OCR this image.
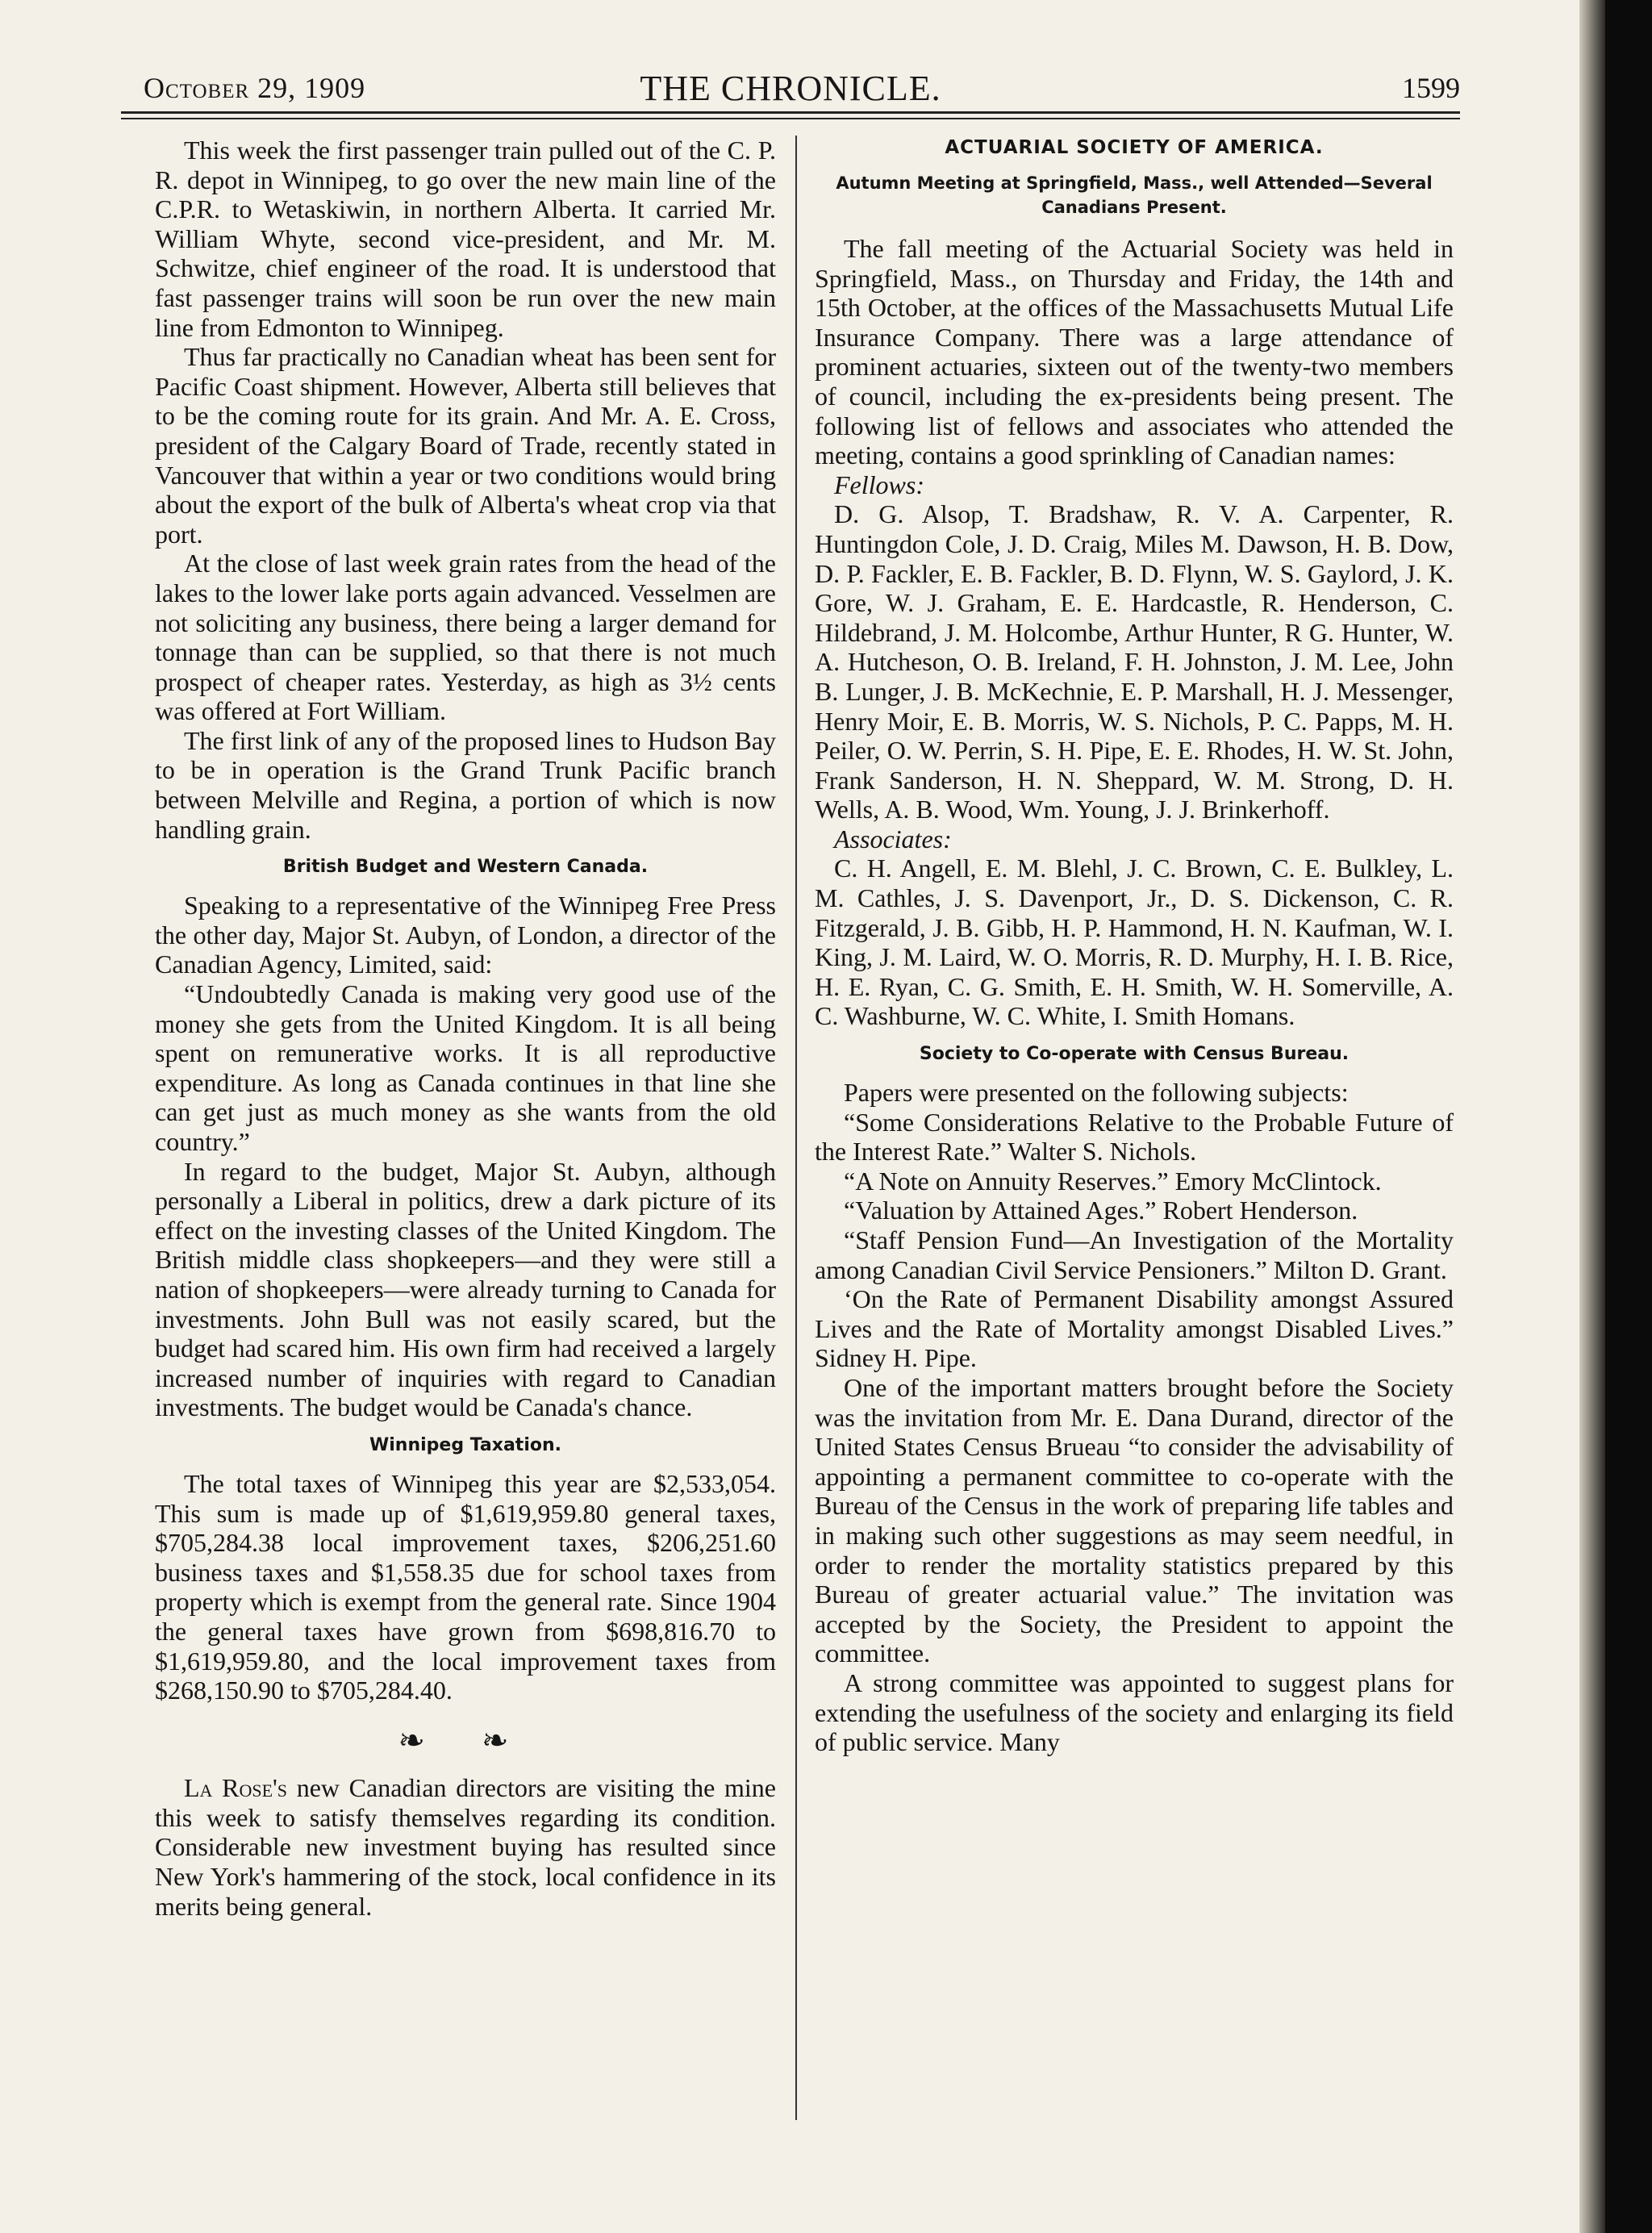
October 29, 1909	THE CHRONICLE.	1599

This week the first passenger train pulled out of the C. P. R. depot in Winnipeg, to go over the new main line of the C.P.R. to Wetaskiwin, in northern Alberta. It carried Mr. William Whyte, second vice-president, and Mr. M. Schwitze, chief engineer of the road. It is understood that fast passenger trains will soon be run over the new main line from Edmonton to Winnipeg.

Thus far practically no Canadian wheat has been sent for Pacific Coast shipment. However, Alberta still believes that to be the coming route for its grain. And Mr. A. E. Cross, president of the Calgary Board of Trade, recently stated in Vancouver that within a year or two conditions would bring about the export of the bulk of Alberta's wheat crop via that port.

At the close of last week grain rates from the head of the lakes to the lower lake ports again advanced. Vesselmen are not soliciting any business, there being a larger demand for tonnage than can be supplied, so that there is not much prospect of cheaper rates. Yesterday, as high as 3½ cents was offered at Fort William.

The first link of any of the proposed lines to Hudson Bay to be in operation is the Grand Trunk Pacific branch between Melville and Regina, a portion of which is now handling grain.

British Budget and Western Canada.

Speaking to a representative of the Winnipeg Free Press the other day, Major St. Aubyn, of London, a director of the Canadian Agency, Limited, said:

“Undoubtedly Canada is making very good use of the money she gets from the United Kingdom. It is all being spent on remunerative works. It is all reproductive expenditure. As long as Canada continues in that line she can get just as much money as she wants from the old country.”

In regard to the budget, Major St. Aubyn, although personally a Liberal in politics, drew a dark picture of its effect on the investing classes of the United Kingdom. The British middle class shopkeepers—and they were still a nation of shopkeepers—were already turning to Canada for investments. John Bull was not easily scared, but the budget had scared him. His own firm had received a largely increased number of inquiries with regard to Canadian investments. The budget would be Canada's chance.

Winnipeg Taxation.

The total taxes of Winnipeg this year are $2,533,054. This sum is made up of $1,619,959.80 general taxes, $705,284.38 local improvement taxes, $206,251.60 business taxes and $1,558.35 due for school taxes from property which is exempt from the general rate. Since 1904 the general taxes have grown from $698,816.70 to $1,619,959.80, and the local improvement taxes from $268,150.90 to $705,284.40.

❧ ❧

La Rose's new Canadian directors are visiting the mine this week to satisfy themselves regarding its condition. Considerable new investment buying has resulted since New York's hammering of the stock, local confidence in its merits being general.

ACTUARIAL SOCIETY OF AMERICA.
Autumn Meeting at Springfield, Mass., well Attended—Several Canadians Present.

The fall meeting of the Actuarial Society was held in Springfield, Mass., on Thursday and Friday, the 14th and 15th October, at the offices of the Massachusetts Mutual Life Insurance Company. There was a large attendance of prominent actuaries, sixteen out of the twenty-two members of council, including the ex-presidents being present. The following list of fellows and associates who attended the meeting, contains a good sprinkling of Canadian names:

Fellows:

D. G. Alsop, T. Bradshaw, R. V. A. Carpenter, R. Huntingdon Cole, J. D. Craig, Miles M. Dawson, H. B. Dow, D. P. Fackler, E. B. Fackler, B. D. Flynn, W. S. Gaylord, J. K. Gore, W. J. Graham, E. E. Hardcastle, R. Henderson, C. Hildebrand, J. M. Holcombe, Arthur Hunter, R G. Hunter, W. A. Hutcheson, O. B. Ireland, F. H. Johnston, J. M. Lee, John B. Lunger, J. B. McKechnie, E. P. Marshall, H. J. Messenger, Henry Moir, E. B. Morris, W. S. Nichols, P. C. Papps, M. H. Peiler, O. W. Perrin, S. H. Pipe, E. E. Rhodes, H. W. St. John, Frank Sanderson, H. N. Sheppard, W. M. Strong, D. H. Wells, A. B. Wood, Wm. Young, J. J. Brinkerhoff.

Associates:

C. H. Angell, E. M. Blehl, J. C. Brown, C. E. Bulkley, L. M. Cathles, J. S. Davenport, Jr., D. S. Dickenson, C. R. Fitzgerald, J. B. Gibb, H. P. Hammond, H. N. Kaufman, W. I. King, J. M. Laird, W. O. Morris, R. D. Murphy, H. I. B. Rice, H. E. Ryan, C. G. Smith, E. H. Smith, W. H. Somerville, A. C. Washburne, W. C. White, I. Smith Homans.

Society to Co-operate with Census Bureau.

Papers were presented on the following subjects:

“Some Considerations Relative to the Probable Future of the Interest Rate.” Walter S. Nichols.

“A Note on Annuity Reserves.” Emory McClintock.

“Valuation by Attained Ages.” Robert Henderson.

“Staff Pension Fund—An Investigation of the Mortality among Canadian Civil Service Pensioners.” Milton D. Grant.

‘On the Rate of Permanent Disability amongst Assured Lives and the Rate of Mortality amongst Disabled Lives.” Sidney H. Pipe.

One of the important matters brought before the Society was the invitation from Mr. E. Dana Durand, director of the United States Census Brueau “to consider the advisability of appointing a permanent committee to co-operate with the Bureau of the Census in the work of preparing life tables and in making such other suggestions as may seem needful, in order to render the mortality statistics prepared by this Bureau of greater actuarial value.” The invitation was accepted by the Society, the President to appoint the committee.

A strong committee was appointed to suggest plans for extending the usefulness of the society and enlarging its field of public service. Many
